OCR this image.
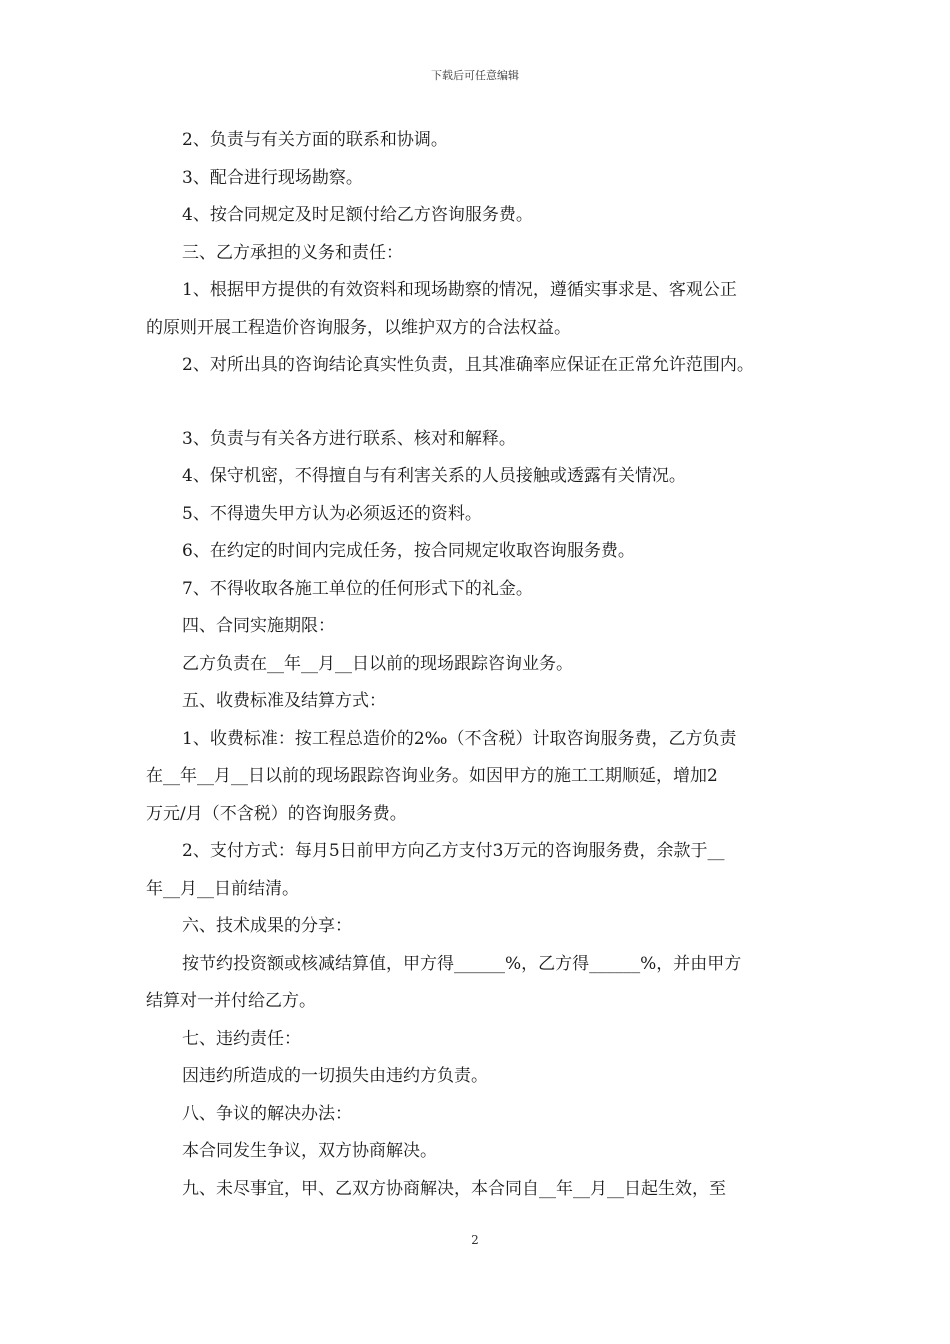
下载后可任意编辑
2、负责与有关方面的联系和协调。
3、配合进行现场勘察。
4、按合同规定及时足额付给乙方咨询服务费。
三、乙方承担的义务和责任：
1、根据甲方提供的有效资料和现场勘察的情况，遵循实事求是、客观公正
的原则开展工程造价咨询服务，以维护双方的合法权益。
2、对所出具的咨询结论真实性负责，且其准确率应保证在正常允许范围内。
3、负责与有关各方进行联系、核对和解释。
4、保守机密，不得擅自与有利害关系的人员接触或透露有关情况。
5、不得遗失甲方认为必须返还的资料。
6、在约定的时间内完成任务，按合同规定收取咨询服务费。
7、不得收取各施工单位的任何形式下的礼金。
四、合同实施期限：
乙方负责在__年__月__日以前的现场跟踪咨询业务。
五、收费标准及结算方式：
1、收费标准：按工程总造价的2‰（不含税）计取咨询服务费，乙方负责
在__年__月__日以前的现场跟踪咨询业务。如因甲方的施工工期顺延，增加2
万元/月（不含税）的咨询服务费。
2、支付方式：每月5日前甲方向乙方支付3万元的咨询服务费，余款于__
年__月__日前结清。
六、技术成果的分享：
按节约投资额或核减结算值，甲方得______%，乙方得______%，并由甲方
结算对一并付给乙方。
七、违约责任：
因违约所造成的一切损失由违约方负责。
八、争议的解决办法：
本合同发生争议，双方协商解决。
九、未尽事宜，甲、乙双方协商解决，本合同自__年__月__日起生效，至
2
